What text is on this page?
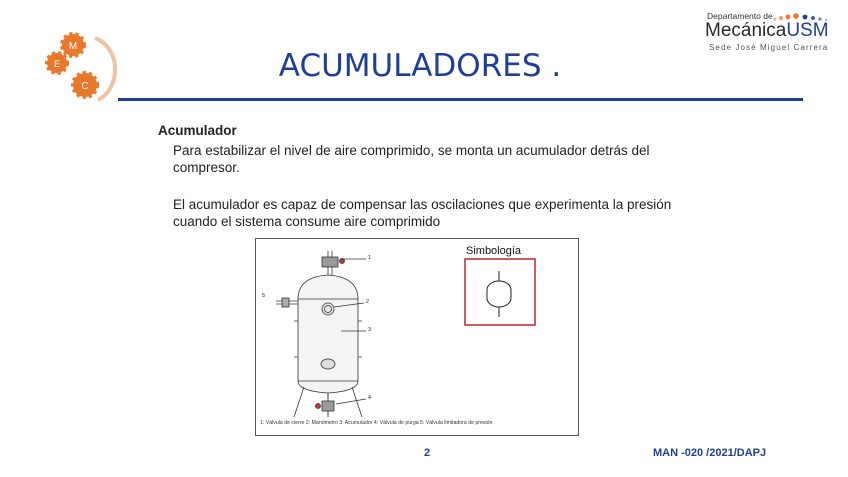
M
E
C
ACUMULADORES .
Departamento de
MecánicaUSM
Sede José Miguel Carrera
Acumulador
Para estabilizar el nivel de aire comprimido, se monta un acumulador detrás del compresor.
El acumulador es capaz de compensar las oscilaciones que experimenta la presión cuando el sistema consume aire comprimido
Simbología
1
2
3
4
5
1: Válvula de cierre 2: Manómetro 3: Acumulador 4: Válvula de purga 5: Válvula limitadora de presión
2	MAN -020 /2021/DAPJ
